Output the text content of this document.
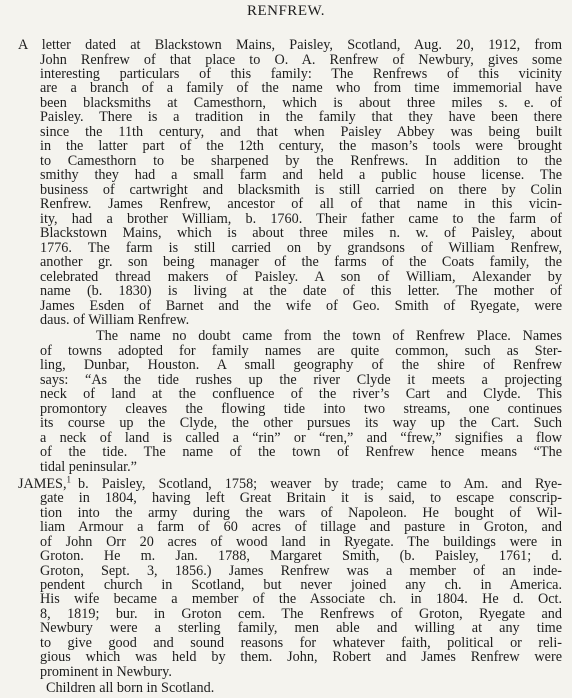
RENFREW.
A letter dated at Blackstown Mains, Paisley, Scotland, Aug. 20, 1912, from
John Renfrew of that place to O. A. Renfrew of Newbury, gives some
interesting particulars of this family: The Renfrews of this vicinity
are a branch of a family of the name who from time immemorial have
been blacksmiths at Camesthorn, which is about three miles s. e. of
Paisley. There is a tradition in the family that they have been there
since the 11th century, and that when Paisley Abbey was being built
in the latter part of the 12th century, the mason’s tools were brought
to Camesthorn to be sharpened by the Renfrews. In addition to the
smithy they had a small farm and held a public house license. The
business of cartwright and blacksmith is still carried on there by Colin
Renfrew. James Renfrew, ancestor of all of that name in this vicin-
ity, had a brother William, b. 1760. Their father came to the farm of
Blackstown Mains, which is about three miles n. w. of Paisley, about
1776. The farm is still carried on by grandsons of William Renfrew,
another gr. son being manager of the farms of the Coats family, the
celebrated thread makers of Paisley. A son of William, Alexander by
name (b. 1830) is living at the date of this letter. The mother of
James Esden of Barnet and the wife of Geo. Smith of Ryegate, were
daus. of William Renfrew.
The name no doubt came from the town of Renfrew Place. Names
of towns adopted for family names are quite common, such as Ster-
ling, Dunbar, Houston. A small geography of the shire of Renfrew
says: “As the tide rushes up the river Clyde it meets a projecting
neck of land at the confluence of the river’s Cart and Clyde. This
promontory cleaves the flowing tide into two streams, one continues
its course up the Clyde, the other pursues its way up the Cart. Such
a neck of land is called a “rin” or “ren,” and “frew,” signifies a flow
of the tide. The name of the town of Renfrew hence means “The
tidal peninsular.”
JAMES,$^1$ b. Paisley, Scotland, 1758; weaver by trade; came to Am. and Rye-
gate in 1804, having left Great Britain it is said, to escape conscrip-
tion into the army during the wars of Napoleon. He bought of Wil-
liam Armour a farm of 60 acres of tillage and pasture in Groton, and
of John Orr 20 acres of wood land in Ryegate. The buildings were in
Groton. He m. Jan. 1788, Margaret Smith, (b. Paisley, 1761; d.
Groton, Sept. 3, 1856.) James Renfrew was a member of an inde-
pendent church in Scotland, but never joined any ch. in America.
His wife became a member of the Associate ch. in 1804. He d. Oct.
8, 1819; bur. in Groton cem. The Renfrews of Groton, Ryegate and
Newbury were a sterling family, men able and willing at any time
to give good and sound reasons for whatever faith, political or reli-
gious which was held by them. John, Robert and James Renfrew were
prominent in Newbury.
Children all born in Scotland.
